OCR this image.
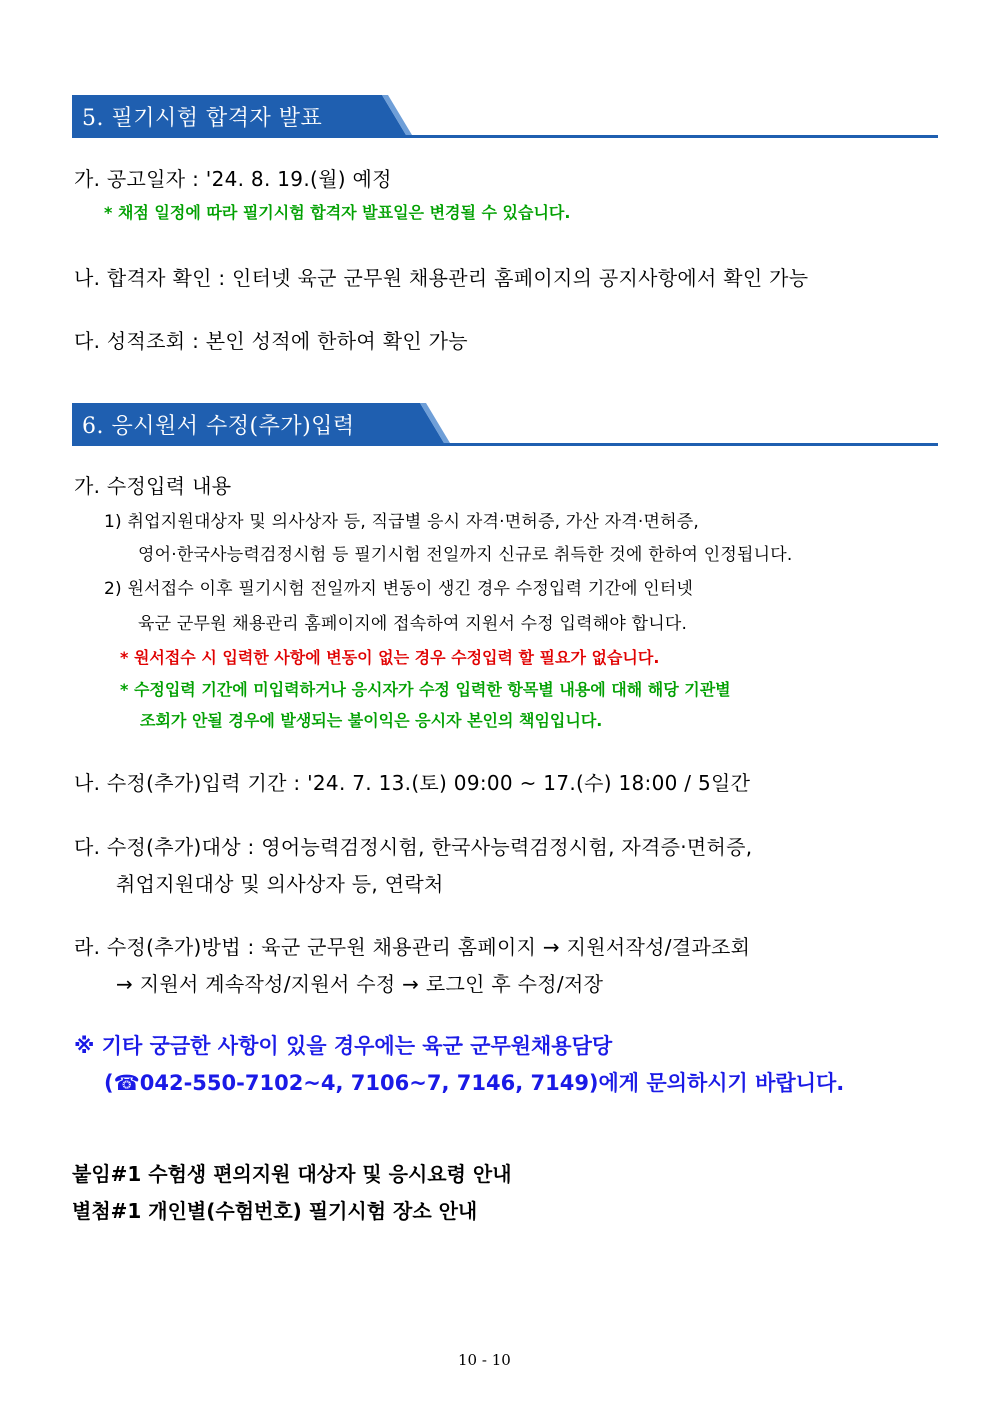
5. 필기시험 합격자 발표
가. 공고일자 : '24. 8. 19.(월) 예정
* 채점 일정에 따라 필기시험 합격자 발표일은 변경될 수 있습니다.
나. 합격자 확인 : 인터넷 육군 군무원 채용관리 홈페이지의 공지사항에서 확인 가능
다. 성적조회 : 본인 성적에 한하여 확인 가능
6. 응시원서 수정(추가)입력
가. 수정입력 내용
1) 취업지원대상자 및 의사상자 등, 직급별 응시 자격·면허증, 가산 자격·면허증,
영어·한국사능력검정시험 등 필기시험 전일까지 신규로 취득한 것에 한하여 인정됩니다.
2) 원서접수 이후 필기시험 전일까지 변동이 생긴 경우 수정입력 기간에 인터넷
육군 군무원 채용관리 홈페이지에 접속하여 지원서 수정 입력해야 합니다.
* 원서접수 시 입력한 사항에 변동이 없는 경우 수정입력 할 필요가 없습니다.
* 수정입력 기간에 미입력하거나 응시자가 수정 입력한 항목별 내용에 대해 해당 기관별
조회가 안될 경우에 발생되는 불이익은 응시자 본인의 책임입니다.
나. 수정(추가)입력 기간 : '24. 7. 13.(토) 09:00 ~ 17.(수) 18:00 / 5일간
다. 수정(추가)대상 : 영어능력검정시험, 한국사능력검정시험, 자격증·면허증,
취업지원대상 및 의사상자 등, 연락처
라. 수정(추가)방법 : 육군 군무원 채용관리 홈페이지 → 지원서작성/결과조회
→ 지원서 계속작성/지원서 수정 → 로그인 후 수정/저장
※ 기타 궁금한 사항이 있을 경우에는 육군 군무원채용담당
(☎042-550-7102~4, 7106~7, 7146, 7149)에게 문의하시기 바랍니다.
붙임#1 수험생 편의지원 대상자 및 응시요령 안내
별첨#1 개인별(수험번호) 필기시험 장소 안내
10 - 10
